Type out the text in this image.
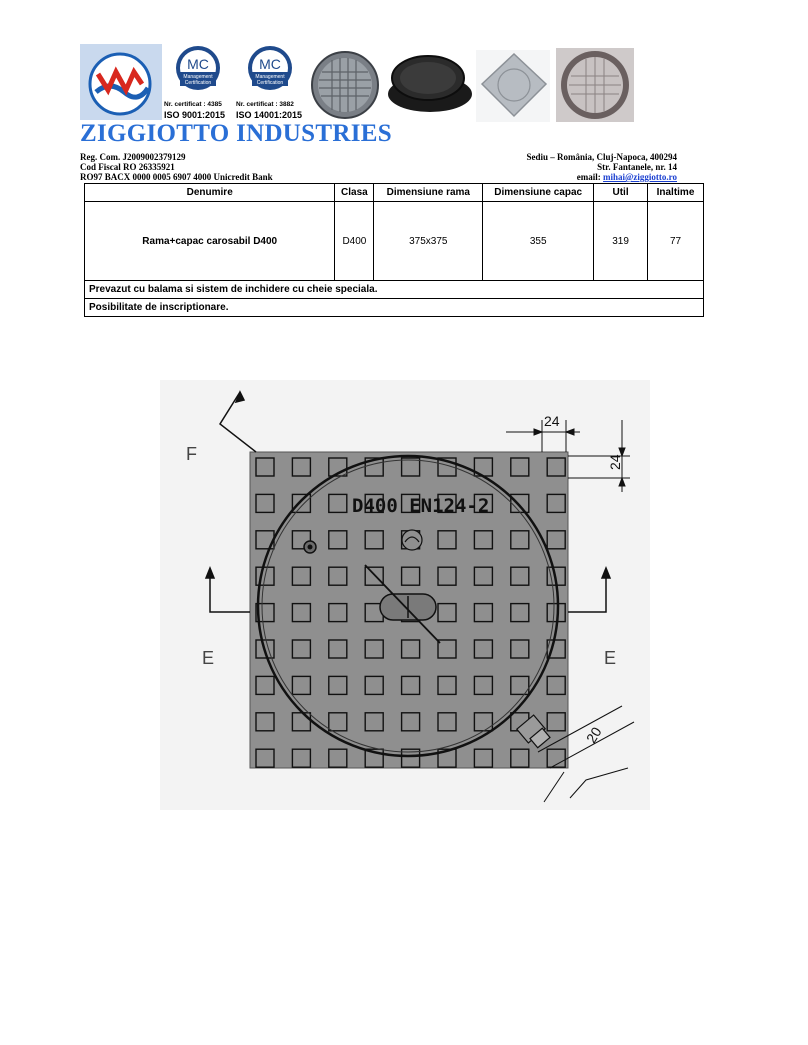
MC
Management
Certification
Nr. certificat : 4385
ISO 9001:2015
MC
Management
Certification
Nr. certificat : 3882
ISO 14001:2015
ZIGGIOTTO INDUSTRIES
Reg. Com. J2009002379129
Cod Fiscal RO 26335921
RO97 BACX 0000 0005 6907 4000 Unicredit Bank
Sediu – România, Cluj-Napoca, 400294
Str. Fantanele, nr. 14
email: mihai@ziggiotto.ro
Denumire	Clasa	Dimensiune rama	Dimensiune capac	Util	Inaltime
Rama+capac carosabil D400	D400	375x375	355	319	77
Prevazut cu balama si sistem de inchidere cu cheie speciala.					
Posibilitate de inscriptionare.					
D400 EN124-2
F
E	E
24
24
20
